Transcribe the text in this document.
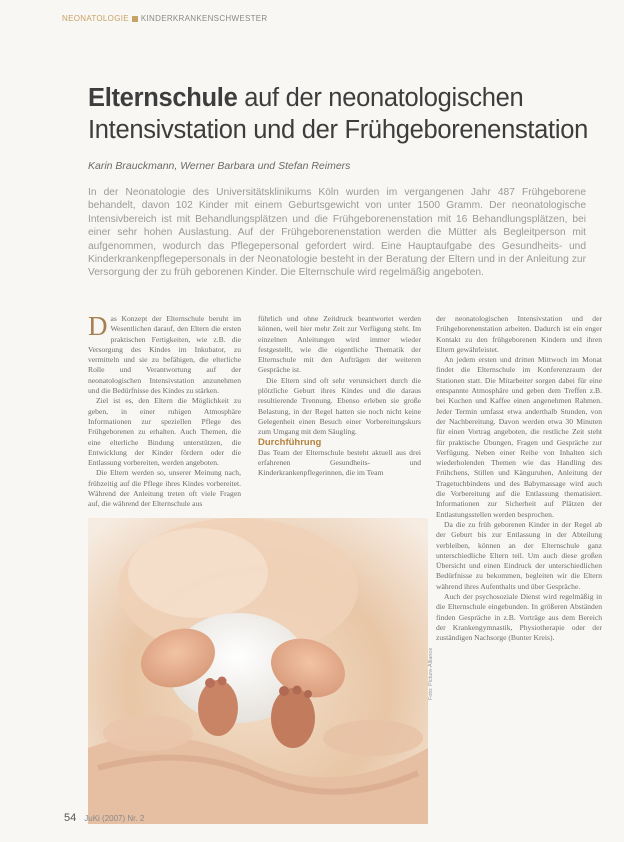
NEONATOLOGIE KINDERKRANKENSCHWESTER
Elternschule auf der neonatologischen
Intensivstation und der Frühgeborenenstation
Karin Brauckmann, Werner Barbara und Stefan Reimers
In der Neonatologie des Universitätsklinikums Köln wurden im vergangenen Jahr 487 Frühgeborene behandelt, davon 102 Kinder mit einem Geburtsgewicht von unter 1500 Gramm. Der neonatologische Intensivbereich ist mit Behandlungsplätzen und die Frühgeborenenstation mit 16 Behandlungsplätzen, bei einer sehr hohen Auslastung. Auf der Frühgeborenenstation werden die Mütter als Begleitperson mit aufgenommen, wodurch das Pflegepersonal gefordert wird. Eine Hauptaufgabe des Gesundheits- und Kinderkrankenpflegepersonals in der Neonatologie besteht in der Beratung der Eltern und in der Anleitung zur Versorgung der zu früh geborenen Kinder. Die Elternschule wird regelmäßig angeboten.

Das Konzept der Elternschule beruht im Wesentlichen darauf, den Eltern die ersten praktischen Fertigkeiten, wie z.B. die Versorgung des Kindes im Inkubator, zu vermitteln und sie zu befähigen, die elterliche Rolle und Verantwortung auf der neonatologischen Intensivstation anzunehmen und die Bedürfnisse des Kindes zu stärken.

Ziel ist es, den Eltern die Möglichkeit zu geben, in einer ruhigen Atmosphäre Informationen zur speziellen Pflege des Frühgeborenen zu erhalten. Auch Themen, die eine elterliche Bindung unterstützen, die Entwicklung der Kinder fördern oder die Entlassung vorbereiten, werden angeboten.

Die Eltern werden so, unserer Meinung nach, frühzeitig auf die Pflege ihres Kindes vorbereitet. Während der Anleitung treten oft viele Fragen auf, die während der Elternschule aus

führlich und ohne Zeitdruck beantwortet werden können, weil hier mehr Zeit zur Verfügung steht. Im einzelnen Anleitungen wird immer wieder festgestellt, wie die eigentliche Thematik der Elternschule mit den Aufträgen der weiteren Gespräche ist.

Die Eltern sind oft sehr verunsichert durch die plötzliche Geburt ihres Kindes und die daraus resultierende Trennung. Ebenso erleben sie große Belastung, in der Regel hatten sie noch nicht keine Gelegenheit einen Besuch einer Vorbereitungskurs zum Umgang mit dem Säugling.

Durchführung

Das Team der Elternschule besteht aktuell aus drei erfahrenen Gesundheits- und Kinderkrankenpflegerinnen, die im Team

der neonatologischen Intensivstation und der Frühgeborenenstation arbeiten. Dadurch ist ein enger Kontakt zu den frühgeborenen Kindern und ihren Eltern gewährleistet.

An jedem ersten und dritten Mittwoch im Monat findet die Elternschule im Konferenzraum der Stationen statt. Die Mitarbeiter sorgen dabei für eine entspannte Atmosphäre und geben dem Treffen z.B. bei Kuchen und Kaffee einen angenehmen Rahmen. Jeder Termin umfasst etwa anderthalb Stunden, von der Nachbereitung. Davon werden etwa 30 Minuten für einen Vortrag angeboten, die restliche Zeit steht für praktische Übungen, Fragen und Gespräche zur Verfügung. Neben einer Reihe von Inhalten sich wiederholenden Themen wie das Handling des Frühchens, Stillen und Känguruhen, Anleitung der Tragetuchbindens und des Babymassage wird auch die Vorbereitung auf die Entlassung thematisiert. Informationen zur Sicherheit auf Plätzen der Entlastungsstellen werden besprochen.

Da die zu früh geborenen Kinder in der Regel ab der Geburt bis zur Entlassung in der Abteilung verbleiben, können an der Elternschule ganz unterschiedliche Eltern teil. Um auch diese großen Übersicht und einen Eindruck der unterschiedlichen Bedürfnisse zu bekommen, begleiten wir die Eltern während ihres Aufenthalts und über Gespräche.

Auch der psychosoziale Dienst wird regelmäßig in die Elternschule eingebunden. In größeren Abständen finden Gespräche in z.B. Vorträge aus dem Bereich der Krankengymnastik, Physiotherapie oder der zuständigen Nachsorge (Bunter Kreis).

Foto: Picture-Alliance
54 JuKi (2007) Nr. 2
